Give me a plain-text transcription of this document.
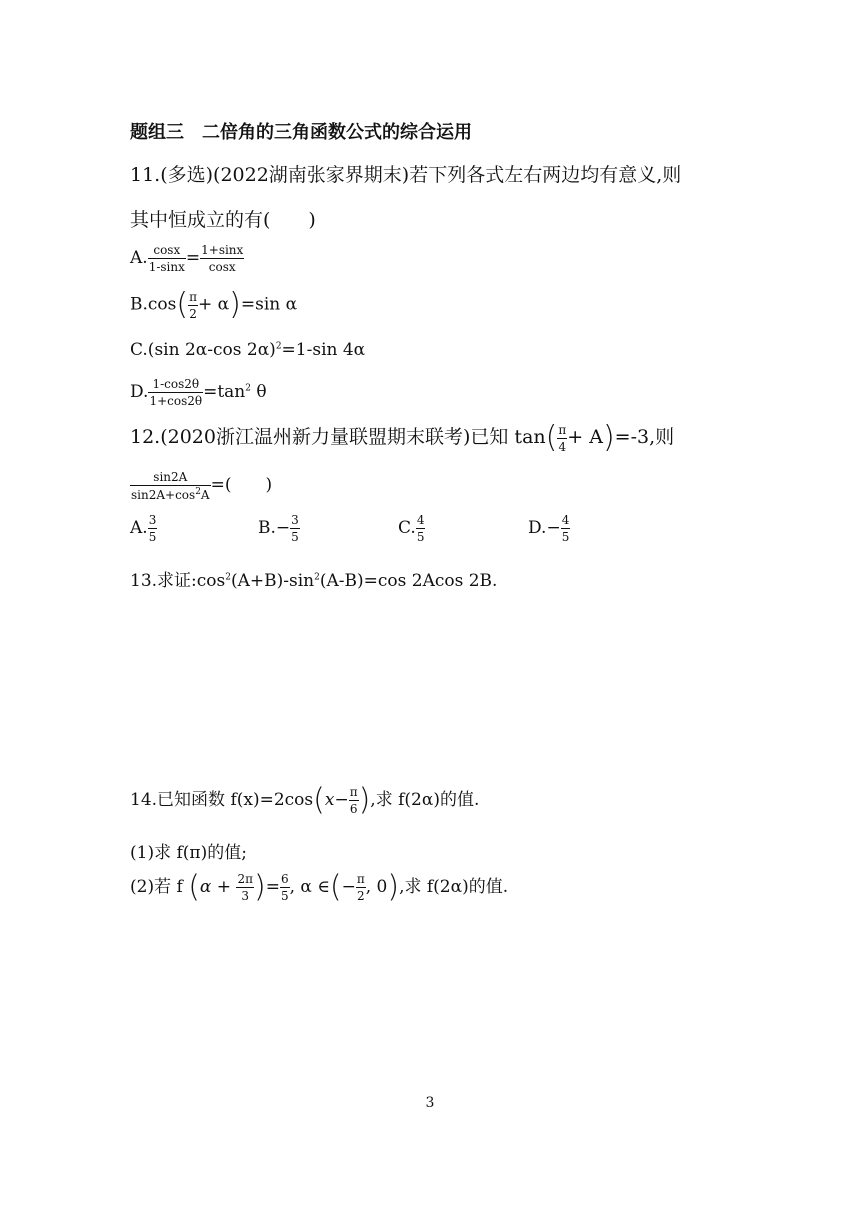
题组三　二倍角的三角函数公式的综合运用
11.(多选)(2022湖南张家界期末)若下列各式左右两边均有意义,则
其中恒成立的有(　　)
A. $\frac{\cos x}{1-\sin x} = \frac{1+\sin x}{\cos x}$
$B.\cos( \frac{\pi}{2} + \alpha)=\sin$ α
C.(sin 2α-cos 2α)$^2$=1-sin 4α
D. $\frac{1-\cos 2\theta}{1+\cos 2\theta} =\tan^2$ θ
12.(2020浙江温州新力量联盟期末联考)已知 $\tan( \frac{\pi}{4} + A)=-3$,则
$\frac{\sin 2A}{\sin 2A+\cos^2A}$ =(　　)
A. $\frac{3}{5}$	$B.- \frac{3}{5}$	C. $\frac{4}{5}$	$D.- \frac{4}{5}$
13.求证$:\cos^2(A+B)-\sin^2(A-B)=\cos$ 2Acos 2B.
14.已知函数 $f(x)=2\cos(x- \frac{\pi}{6}$ ),求 f(2α)的值.
(1)求 f(π)的值;
(2)若 f ($\alpha + \frac{2\pi}{3}$ )= $\frac{6}{5}$ , α ∈(− $\frac{\pi}{2}$ , 0),求 f(2α)的值.
3
